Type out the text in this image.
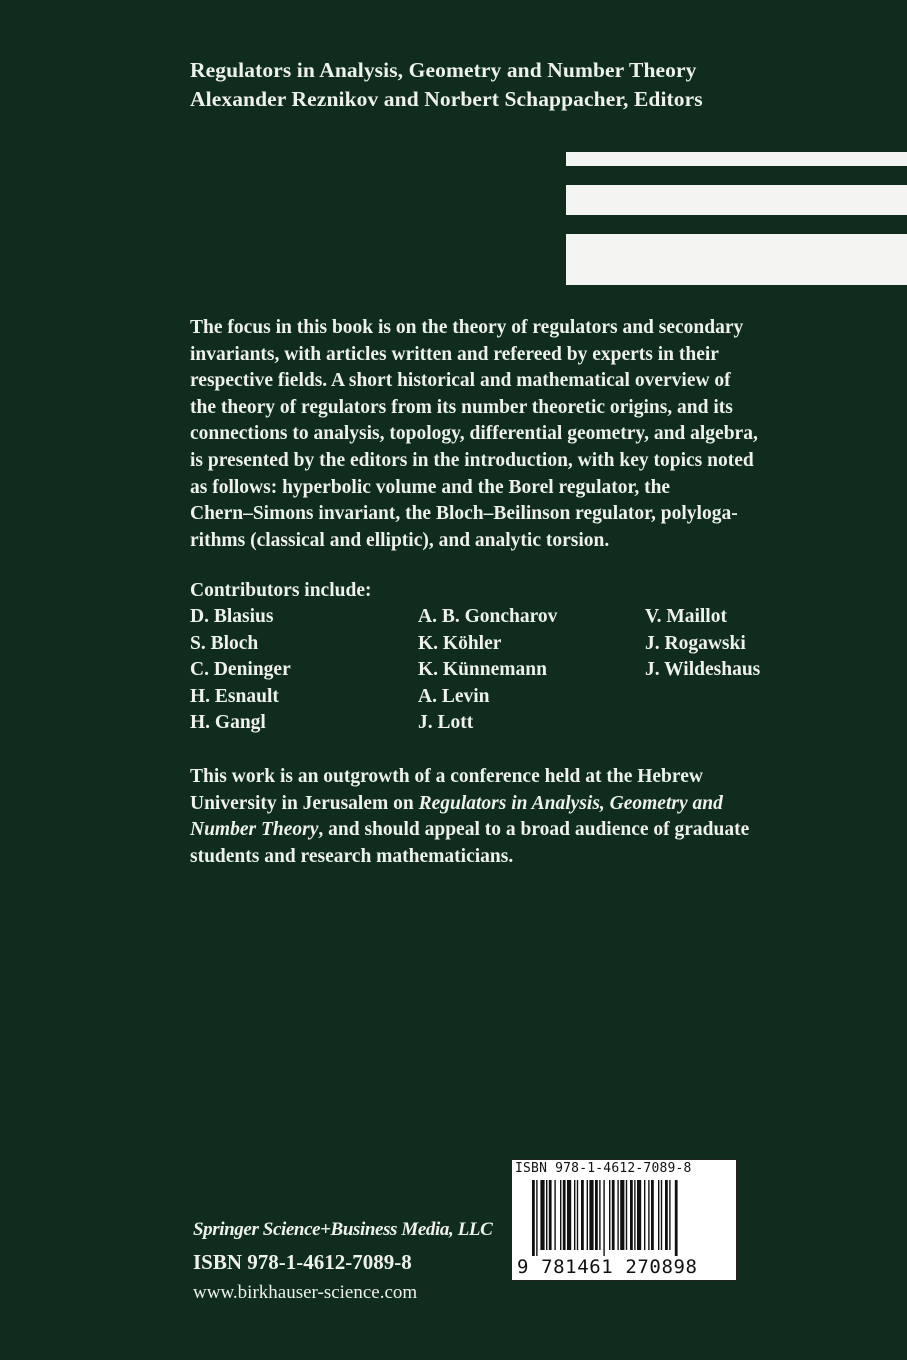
Regulators in Analysis, Geometry and Number Theory
Alexander Reznikov and Norbert Schappacher, Editors
The focus in this book is on the theory of regulators and secondary
invariants, with articles written and refereed by experts in their
respective fields. A short historical and mathematical overview of
the theory of regulators from its number theoretic origins, and its
connections to analysis, topology, differential geometry, and algebra,
is presented by the editors in the introduction, with key topics noted
as follows: hyperbolic volume and the Borel regulator, the
Chern–Simons invariant, the Bloch–Beilinson regulator, polyloga-
rithms (classical and elliptic), and analytic torsion.
Contributors include:
D. Blasius
S. Bloch
C. Deninger
H. Esnault
H. Gangl
A. B. Goncharov
K. Köhler
K. Künnemann
A. Levin
J. Lott
V. Maillot
J. Rogawski
J. Wildeshaus
This work is an outgrowth of a conference held at the Hebrew
University in Jerusalem on Regulators in Analysis, Geometry and
Number Theory, and should appeal to a broad audience of graduate
students and research mathematicians.
Springer Science+Business Media, LLC
ISBN 978-1-4612-7089-8
www.birkhauser-science.com
ISBN 978-1-4612-7089-8
9 781461 270898
